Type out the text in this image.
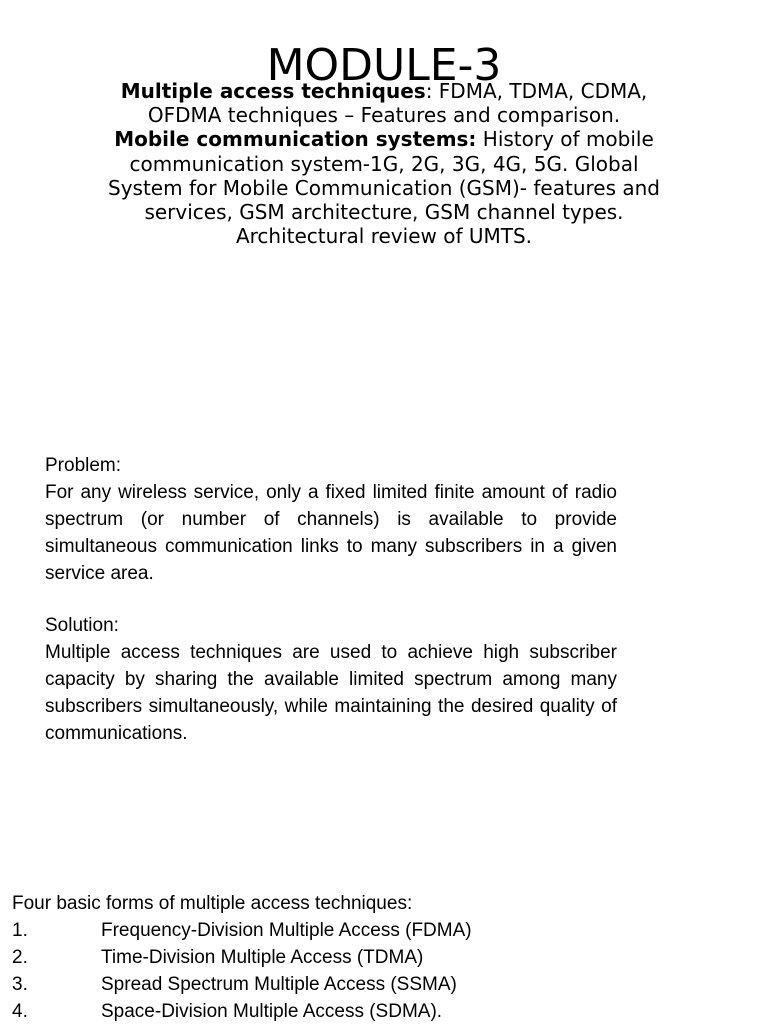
MODULE-3

Multiple access techniques: FDMA, TDMA, CDMA, OFDMA techniques – Features and comparison.
Mobile communication systems: History of mobile communication system-1G, 2G, 3G, 4G, 5G. Global System for Mobile Communication (GSM)- features and services, GSM architecture, GSM channel types. Architectural review of UMTS.

Problem:

For any wireless service, only a fixed limited finite amount of radio spectrum (or number of channels) is available to provide simultaneous communication links to many subscribers in a given service area.

Solution:

Multiple access techniques are used to achieve high subscriber capacity by sharing the available limited spectrum among many subscribers simultaneously, while maintaining the desired quality of communications.

Four basic forms of multiple access techniques:
1.	Frequency-Division Multiple Access (FDMA)
2.	Time-Division Multiple Access (TDMA)
3.	Spread Spectrum Multiple Access (SSMA)
4.	Space-Division Multiple Access (SDMA).
